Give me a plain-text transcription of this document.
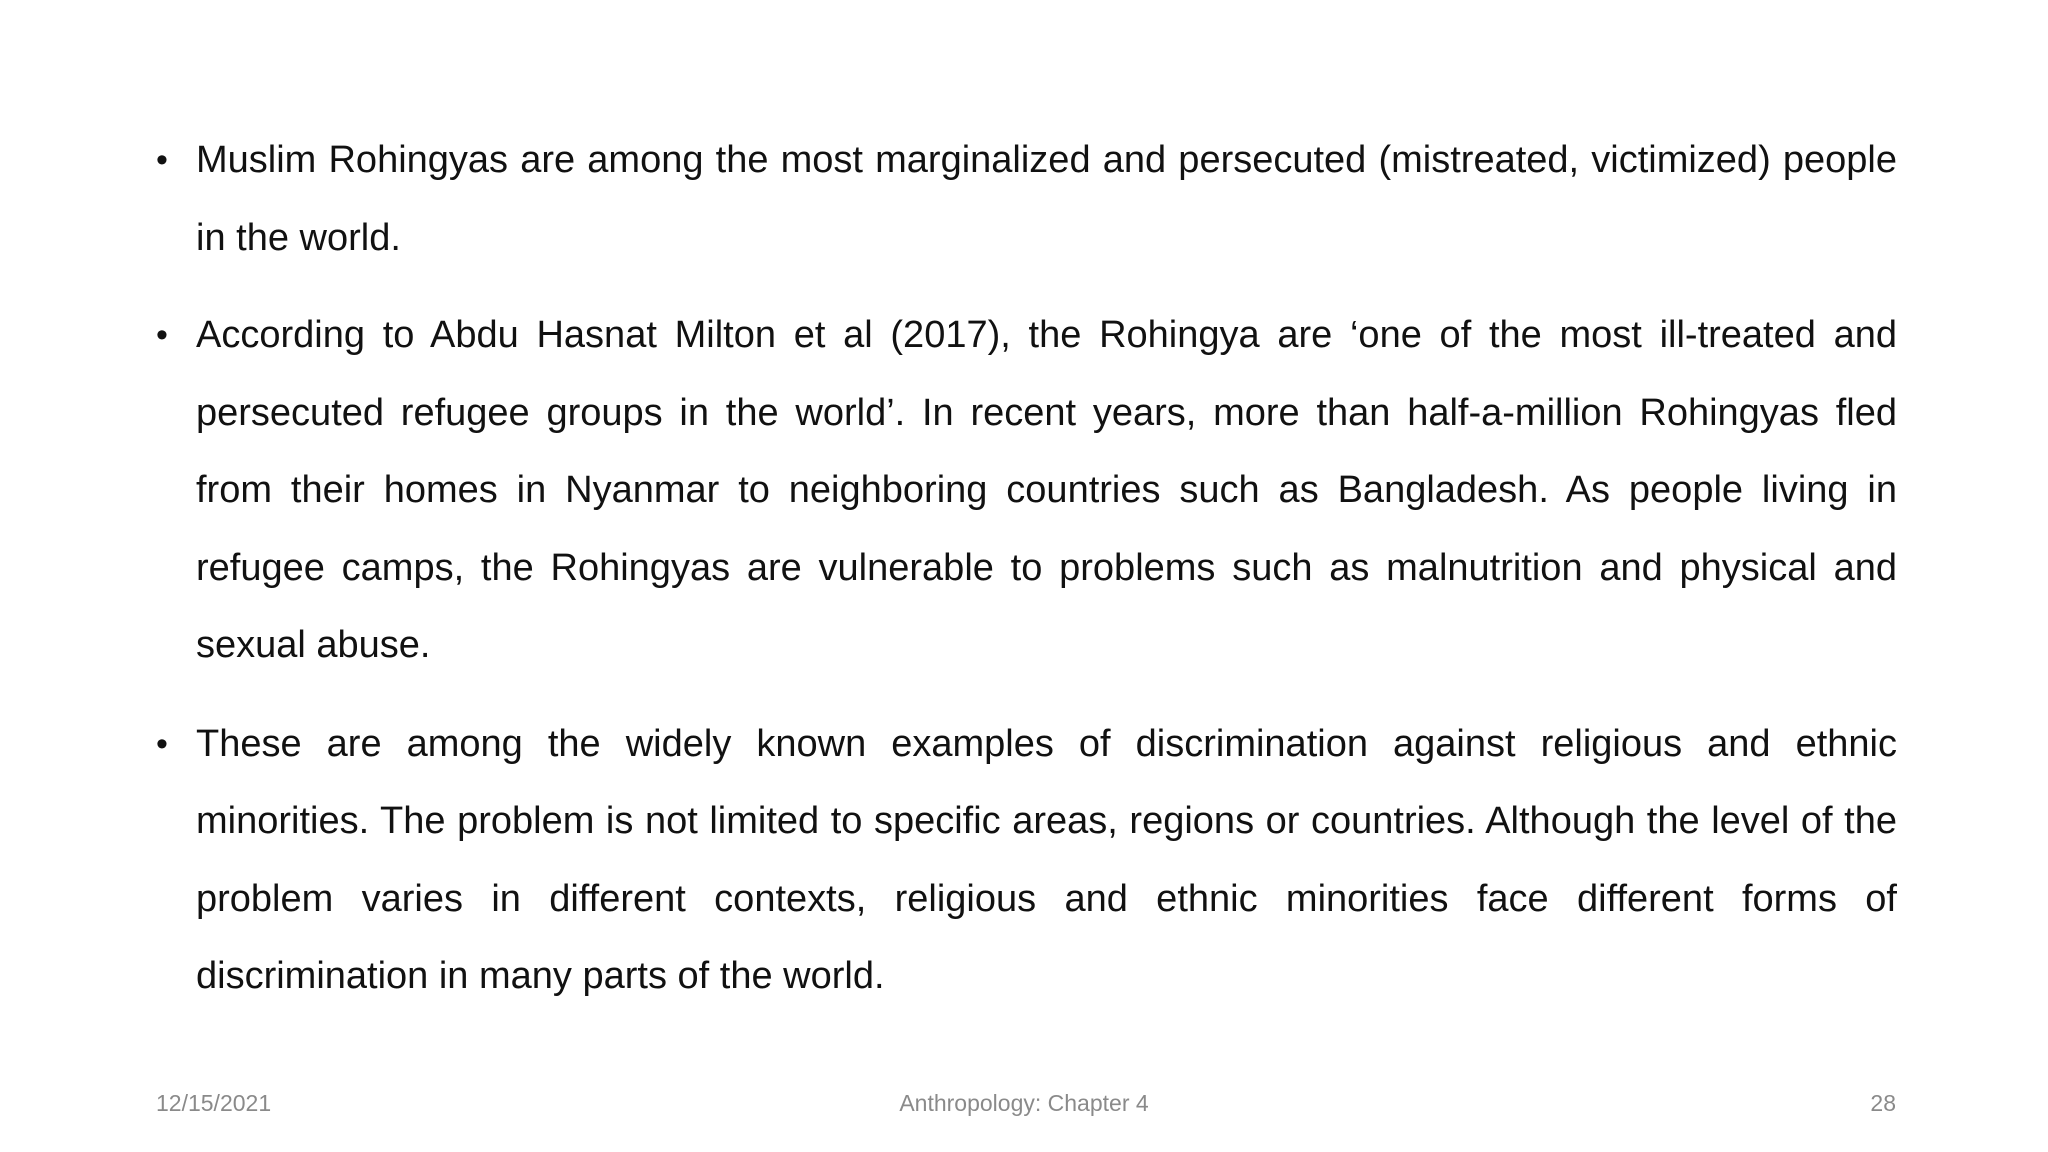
• Muslim Rohingyas are among the most marginalized and persecuted (mistreated, victimized) people in the world.
• According to Abdu Hasnat Milton et al (2017), the Rohingya are ‘one of the most ill-treated and persecuted refugee groups in the world’. In recent years, more than half-a-million Rohingyas fled from their homes in Nyanmar to neighboring countries such as Bangladesh. As people living in refugee camps, the Rohingyas are vulnerable to problems such as malnutrition and physical and sexual abuse.
• These are among the widely known examples of discrimination against religious and ethnic minorities. The problem is not limited to specific areas, regions or countries. Although the level of the problem varies in different contexts, religious and ethnic minorities face different forms of discrimination in many parts of the world.
Anthropology: Chapter 4
12/15/2021	28
